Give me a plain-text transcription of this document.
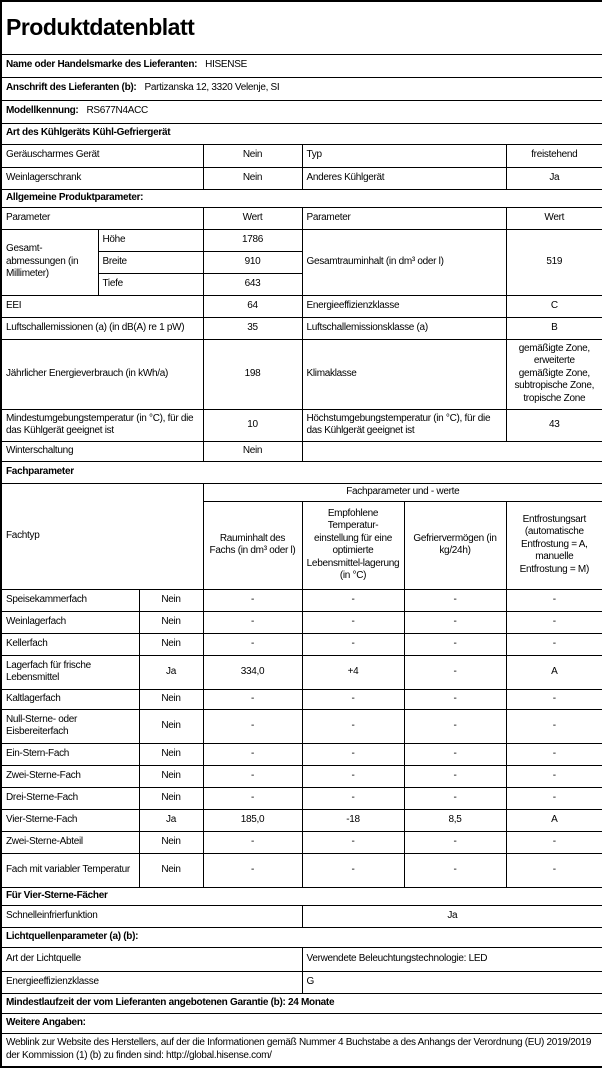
Produktdatenblatt						
Name oder Handelsmarke des Lieferanten: HISENSE						
Anschrift des Lieferanten (b): Partizanska 12, 3320 Velenje, SI						
Modellkennung: RS677N4ACC						
Art des Kühlgeräts Kühl-Gefriergerät						
Geräuscharmes Gerät			Nein	Typ		freistehend
Weinlagerschrank			Nein	Anderes Kühlgerät		Ja
Allgemeine Produktparameter:						
Parameter			Wert	Parameter		Wert
Gesamt-abmessungen (in Millimeter)	Höhe		1786	Gesamtrauminhalt (in dm³ oder l)		519
	Breite		910			
	Tiefe		643			
EEI			64	Energieeffizienzklasse		C
Luftschallemissionen (a) (in dB(A) re 1 pW)			35	Luftschallemissionsklasse (a)		B
Jährlicher Energieverbrauch (in kWh/a)			198	Klimaklasse		gemäßigte Zone, erweiterte gemäßigte Zone, subtropische Zone, tropische Zone
Mindestumgebungstemperatur (in °C), für die das Kühlgerät geeignet ist			10	Höchstumgebungstemperatur (in °C), für die das Kühlgerät geeignet ist		43
Winterschaltung			Nein			
Fachparameter						
Fachtyp			Fachparameter und - werte			
			Rauminhalt des Fachs (in dm³ oder l)	Empfohlene Temperatur-einstellung für eine optimierte Lebensmittel-lagerung (in °C)	Gefriervermögen (in kg/24h)	Entfrostungsart (automatische Entfrostung = A, manuelle Entfrostung = M)
Speisekammerfach		Nein	-	-	-	-
Weinlagerfach		Nein	-	-	-	-
Kellerfach		Nein	-	-	-	-
Lagerfach für frische Lebensmittel		Ja	334,0	+4	-	A
Kaltlagerfach		Nein	-	-	-	-
Null-Sterne- oder Eisbereiterfach		Nein	-	-	-	-
Ein-Stern-Fach		Nein	-	-	-	-
Zwei-Sterne-Fach		Nein	-	-	-	-
Drei-Sterne-Fach		Nein	-	-	-	-
Vier-Sterne-Fach		Ja	185,0	-18	8,5	A
Zwei-Sterne-Abteil		Nein	-	-	-	-
Fach mit variabler Temperatur		Nein	-	-	-	-
Für Vier-Sterne-Fächer						
Schnelleinfrierfunktion				Ja		
Lichtquellenparameter (a) (b):						
Art der Lichtquelle				Verwendete Beleuchtungstechnologie: LED		
Energieeffizienzklasse				G		
Mindestlaufzeit der vom Lieferanten angebotenen Garantie (b): 24 Monate						
Weitere Angaben:						
Weblink zur Website des Herstellers, auf der die Informationen gemäß Nummer 4 Buchstabe a des Anhangs der Verordnung (EU) 2019/2019 der Kommission (1) (b) zu finden sind: http://global.hisense.com/						
